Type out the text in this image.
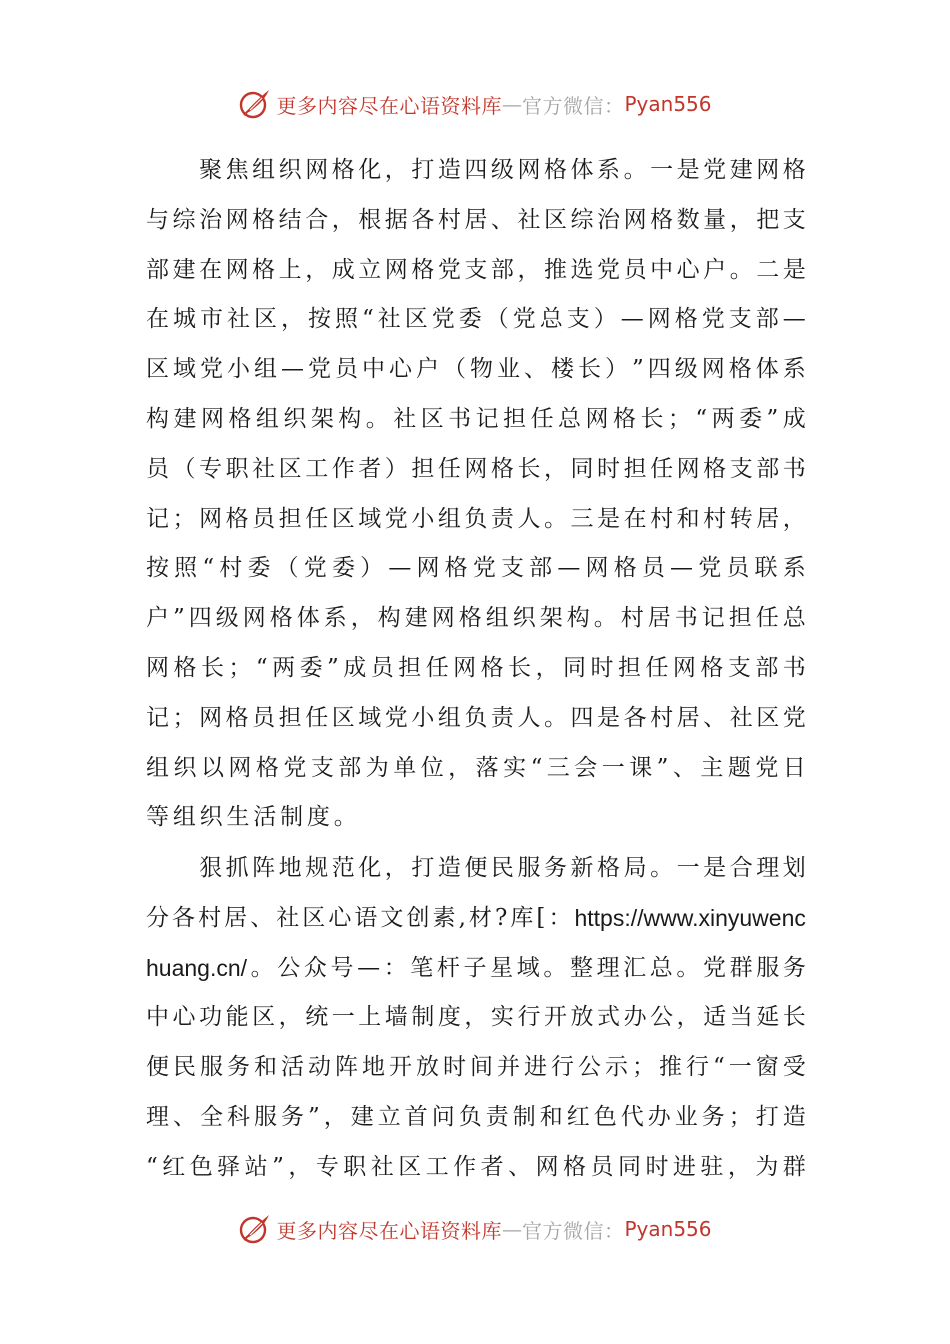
更多内容尽在心语资料库 — 官方微信： Pyan556

聚 焦 组 织 网 格 化 ， 打 造 四 级 网 格 体 系 。 一 是 党 建 网 格
与 综 治 网 格 结 合 ， 根 据 各 村 居 、 社 区 综 治 网 格 数 量 ， 把 支
部 建 在 网 格 上 ， 成 立 网 格 党 支 部 ， 推 选 党 员 中 心 户 。 二 是
在 城 市 社 区 ， 按 照 “ 社 区 党 委 （ 党 总 支 ） — 网 格 党 支 部 —
区 域 党 小 组 — 党 员 中 心 户 （ 物 业 、 楼 长 ） ” 四 级 网 格 体 系
构 建 网 格 组 织 架 构 。 社 区 书 记 担 任 总 网 格 长 ； “ 两 委 ” 成
员 （ 专 职 社 区 工 作 者 ） 担 任 网 格 长 ， 同 时 担 任 网 格 支 部 书
记 ； 网 格 员 担 任 区 域 党 小 组 负 责 人 。 三 是 在 村 和 村 转 居 ，
按 照 “ 村 委 （ 党 委 ） — 网 格 党 支 部 — 网 格 员 — 党 员 联 系
户 ” 四 级 网 格 体 系 ， 构 建 网 格 组 织 架 构 。 村 居 书 记 担 任 总
网 格 长 ； “ 两 委 ” 成 员 担 任 网 格 长 ， 同 时 担 任 网 格 支 部 书
记 ； 网 格 员 担 任 区 域 党 小 组 负 责 人 。 四 是 各 村 居 、 社 区 党
组 织 以 网 格 党 支 部 为 单 位 ， 落 实 “ 三 会 一 课 ” 、 主 题 党 日
等 组 织 生 活 制 度 。

狠 抓 阵 地 规 范 化 ， 打 造 便 民 服 务 新 格 局 。 一 是 合 理 划
分 各 村 居 、 社 区 心 语 文 创 素 , 材 ? 库 [ ： https://www.xinyuwenc
huang.cn/ 。 公 众 号 — ： 笔 杆 子 星 域 。 整 理 汇 总 。 党 群 服 务
中 心 功 能 区 ， 统 一 上 墙 制 度 ， 实 行 开 放 式 办 公 ， 适 当 延 长
便 民 服 务 和 活 动 阵 地 开 放 时 间 并 进 行 公 示 ； 推 行 “ 一 窗 受
理 、 全 科 服 务 ” ， 建 立 首 问 负 责 制 和 红 色 代 办 业 务 ； 打 造
“ 红 色 驿 站 ” ， 专 职 社 区 工 作 者 、 网 格 员 同 时 进 驻 ， 为 群
更多内容尽在心语资料库 — 官方微信： Pyan556
